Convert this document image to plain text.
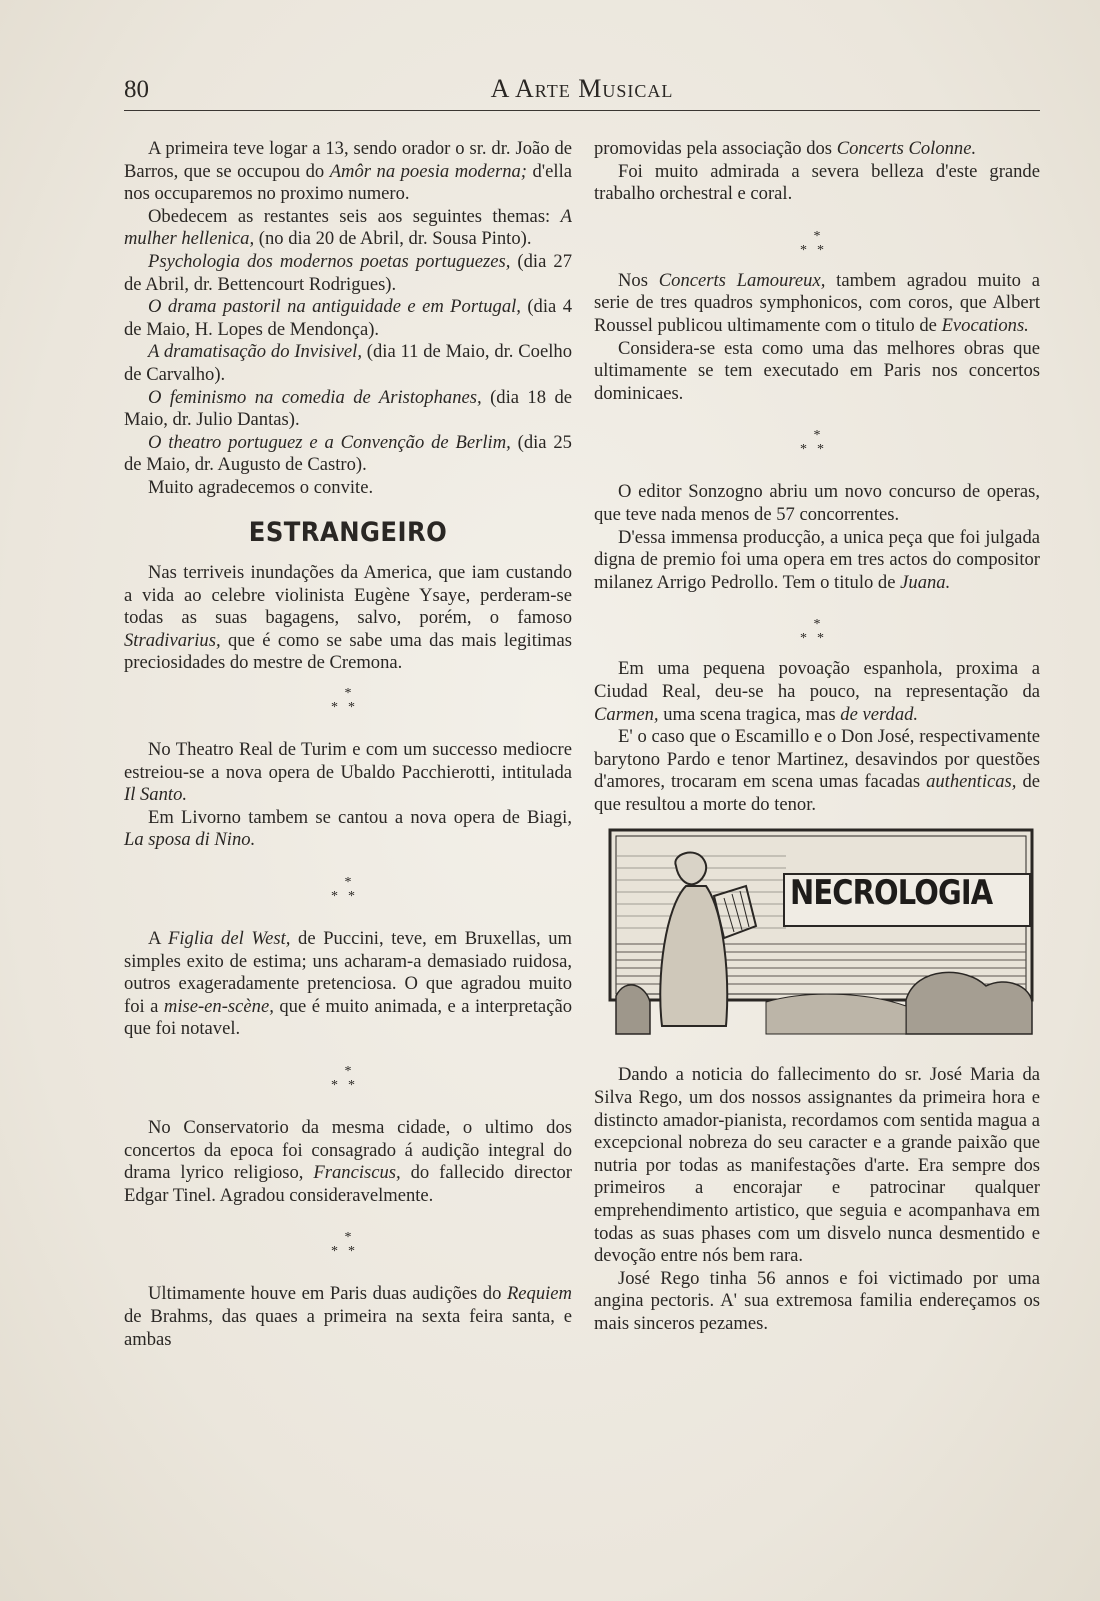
80	A Arte Musical

A primeira teve logar a 13, sendo orador o sr. dr. João de Barros, que se occupou do Amôr na poesia moderna; d'ella nos occuparemos no proximo numero.

Obedecem as restantes seis aos seguintes themas: A mulher hellenica, (no dia 20 de Abril, dr. Sousa Pinto).

Psychologia dos modernos poetas portuguezes, (dia 27 de Abril, dr. Bettencourt Rodrigues).

O drama pastoril na antiguidade e em Portugal, (dia 4 de Maio, H. Lopes de Mendonça).

A dramatisação do Invisivel, (dia 11 de Maio, dr. Coelho de Carvalho).

O feminismo na comedia de Aristophanes, (dia 18 de Maio, dr. Julio Dantas).

O theatro portuguez e a Convenção de Berlim, (dia 25 de Maio, dr. Augusto de Castro).

Muito agradecemos o convite.

ESTRANGEIRO

Nas terriveis inundações da America, que iam custando a vida ao celebre violinista Eugène Ysaye, perderam-se todas as suas bagagens, salvo, porém, o famoso Stradivarius, que é como se sabe uma das mais legitimas preciosidades do mestre de Cremona.

*
**

No Theatro Real de Turim e com um successo mediocre estreiou-se a nova opera de Ubaldo Pacchierotti, intitulada Il Santo.

Em Livorno tambem se cantou a nova opera de Biagi, La sposa di Nino.

*
**

A Figlia del West, de Puccini, teve, em Bruxellas, um simples exito de estima; uns acharam-a demasiado ruidosa, outros exageradamente pretenciosa. O que agradou muito foi a mise-en-scène, que é muito animada, e a interpretação que foi notavel.

*
**

No Conservatorio da mesma cidade, o ultimo dos concertos da epoca foi consagrado á audição integral do drama lyrico religioso, Franciscus, do fallecido director Edgar Tinel. Agradou consideravelmente.

*
**

Ultimamente houve em Paris duas audições do Requiem de Brahms, das quaes a primeira na sexta feira santa, e ambas

promovidas pela associação dos Concerts Colonne.

Foi muito admirada a severa belleza d'este grande trabalho orchestral e coral.

*
**

Nos Concerts Lamoureux, tambem agradou muito a serie de tres quadros symphonicos, com coros, que Albert Roussel publicou ultimamente com o titulo de Evocations.

Considera-se esta como uma das melhores obras que ultimamente se tem executado em Paris nos concertos dominicaes.

*
**

O editor Sonzogno abriu um novo concurso de operas, que teve nada menos de 57 concorrentes.

D'essa immensa producção, a unica peça que foi julgada digna de premio foi uma opera em tres actos do compositor milanez Arrigo Pedrollo. Tem o titulo de Juana.

*
**

Em uma pequena povoação espanhola, proxima a Ciudad Real, deu-se ha pouco, na representação da Carmen, uma scena tragica, mas de verdad.

E' o caso que o Escamillo e o Don José, respectivamente barytono Pardo e tenor Martinez, desavindos por questões d'amores, trocaram em scena umas facadas authenticas, de que resultou a morte do tenor.

NECROLOGIA

Dando a noticia do fallecimento do sr. José Maria da Silva Rego, um dos nossos assignantes da primeira hora e distincto amador-pianista, recordamos com sentida magua a excepcional nobreza do seu caracter e a grande paixão que nutria por todas as manifestações d'arte. Era sempre dos primeiros a encorajar e patrocinar qualquer emprehendimento artistico, que seguia e acompanhava em todas as suas phases com um disvelo nunca desmentido e devoção entre nós bem rara.

José Rego tinha 56 annos e foi victimado por uma angina pectoris. A' sua extremosa familia endereçamos os mais sinceros pezames.
